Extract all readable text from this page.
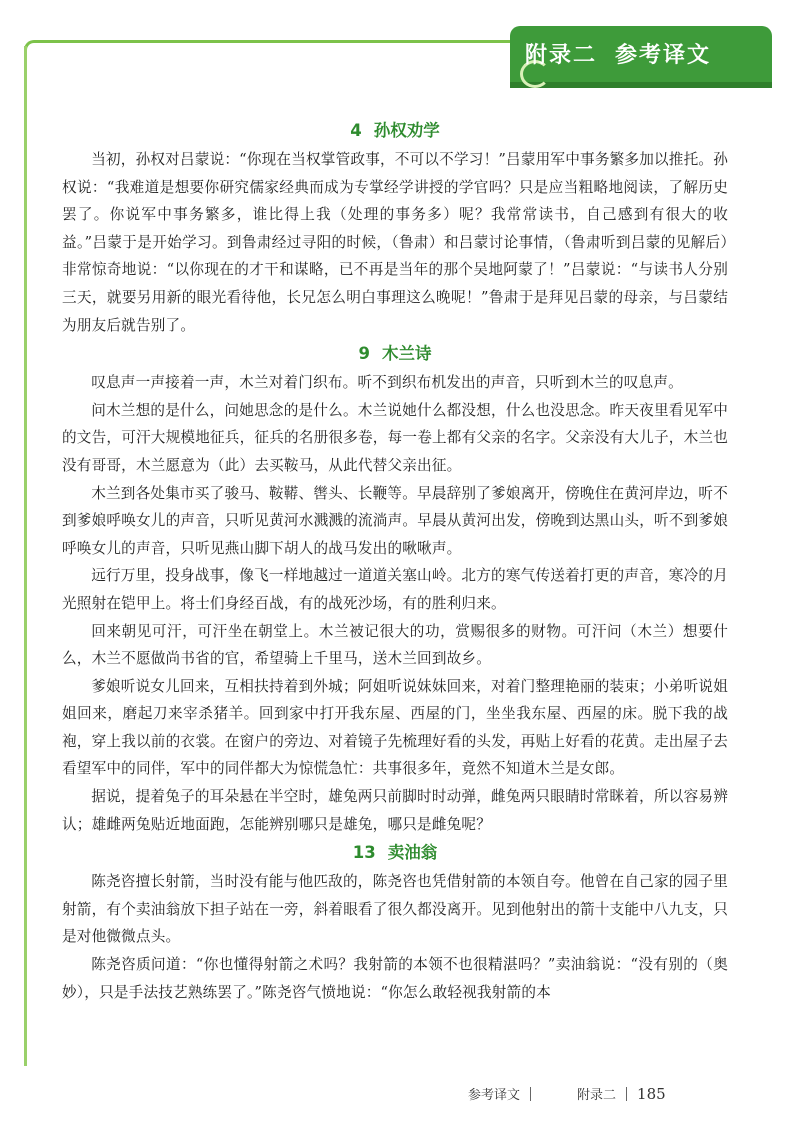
附录二 参考译文
4 孙权劝学

当初，孙权对吕蒙说：“你现在当权掌管政事，不可以不学习！”吕蒙用军中事务繁多加以推托。孙权说：“我难道是想要你研究儒家经典而成为专掌经学讲授的学官吗？只是应当粗略地阅读，了解历史罢了。你说军中事务繁多，谁比得上我（处理的事务多）呢？我常常读书，自己感到有很大的收益。”吕蒙于是开始学习。到鲁肃经过寻阳的时候，（鲁肃）和吕蒙讨论事情，（鲁肃听到吕蒙的见解后）非常惊奇地说：“以你现在的才干和谋略，已不再是当年的那个吴地阿蒙了！”吕蒙说：“与读书人分别三天，就要另用新的眼光看待他，长兄怎么明白事理这么晚呢！”鲁肃于是拜见吕蒙的母亲，与吕蒙结为朋友后就告别了。

9 木兰诗

叹息声一声接着一声，木兰对着门织布。听不到织布机发出的声音，只听到木兰的叹息声。

问木兰想的是什么，问她思念的是什么。木兰说她什么都没想，什么也没思念。昨天夜里看见军中的文告，可汗大规模地征兵，征兵的名册很多卷，每一卷上都有父亲的名字。父亲没有大儿子，木兰也没有哥哥，木兰愿意为（此）去买鞍马，从此代替父亲出征。

木兰到各处集市买了骏马、鞍鞯、辔头、长鞭等。早晨辞别了爹娘离开，傍晚住在黄河岸边，听不到爹娘呼唤女儿的声音，只听见黄河水溅溅的流淌声。早晨从黄河出发，傍晚到达黑山头，听不到爹娘呼唤女儿的声音，只听见燕山脚下胡人的战马发出的啾啾声。

远行万里，投身战事，像飞一样地越过一道道关塞山岭。北方的寒气传送着打更的声音，寒冷的月光照射在铠甲上。将士们身经百战，有的战死沙场，有的胜利归来。

回来朝见可汗，可汗坐在朝堂上。木兰被记很大的功，赏赐很多的财物。可汗问（木兰）想要什么，木兰不愿做尚书省的官，希望骑上千里马，送木兰回到故乡。

爹娘听说女儿回来，互相扶持着到外城；阿姐听说妹妹回来，对着门整理艳丽的装束；小弟听说姐姐回来，磨起刀来宰杀猪羊。回到家中打开我东屋、西屋的门，坐坐我东屋、西屋的床。脱下我的战袍，穿上我以前的衣裳。在窗户的旁边、对着镜子先梳理好看的头发，再贴上好看的花黄。走出屋子去看望军中的同伴，军中的同伴都大为惊慌急忙：共事很多年，竟然不知道木兰是女郎。

据说，提着兔子的耳朵悬在半空时，雄兔两只前脚时时动弹，雌兔两只眼睛时常眯着，所以容易辨认；雄雌两兔贴近地面跑，怎能辨别哪只是雄兔，哪只是雌兔呢？

13 卖油翁

陈尧咨擅长射箭，当时没有能与他匹敌的，陈尧咨也凭借射箭的本领自夸。他曾在自己家的园子里射箭，有个卖油翁放下担子站在一旁，斜着眼看了很久都没离开。见到他射出的箭十支能中八九支，只是对他微微点头。

陈尧咨质问道：“你也懂得射箭之术吗？我射箭的本领不也很精湛吗？”卖油翁说：“没有别的（奥妙），只是手法技艺熟练罢了。”陈尧咨气愤地说：“你怎么敢轻视我射箭的本

参考译文	附录二 185
